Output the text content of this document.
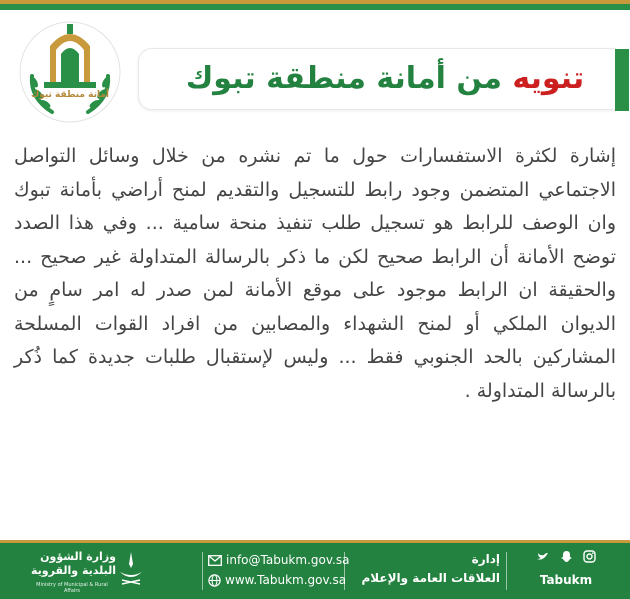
أمانة منطقة تبوك	تنويه من أمانة منطقة تبوك
إشارة لكثرة الاستفسارات حول ما تم نشره من خلال وسائل التواصل الاجتماعي المتضمن وجود رابط للتسجيل والتقديم لمنح أراضي بأمانة تبوك وان الوصف للرابط هو تسجيل طلب تنفيذ منحة سامية ... وفي هذا الصدد توضح الأمانة أن الرابط صحيح لكن ما ذكر بالرسالة المتداولة غير صحيح ... والحقيقة ان الرابط موجود على موقع الأمانة لمن صدر له امر سامٍ من الديوان الملكي أو لمنح الشهداء والمصابين من افراد القوات المسلحة المشاركين بالحد الجنوبي فقط ... وليس لإستقبال طلبات جديدة كما ذُكر بالرسالة المتداولة .

Tabukm
إدارة
العلاقات العامة والإعلام
info@Tabukm.gov.sa
www.Tabukm.gov.sa
وزارة الشؤون
البلدية والقروية
Ministry of Municipal & Rural Affairs
